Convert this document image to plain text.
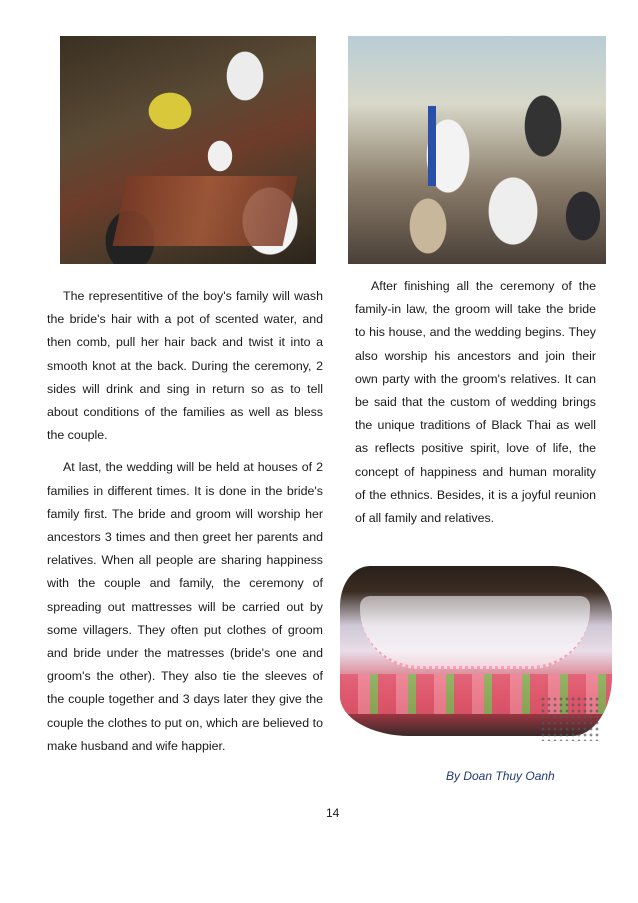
The representitive of the boy's family will wash the bride's hair with a pot of scented water, and then comb, pull her hair back and twist it into a smooth knot at the back. During the ceremony, 2 sides will drink and sing in return so as to tell about conditions of the families as well as bless the couple.

At last, the wedding will be held at houses of 2 families in different times. It is done in the bride's family first. The bride and groom will worship her ancestors 3 times and then greet her parents and relatives. When all people are sharing happiness with the couple and family, the ceremony of spreading out mattresses will be carried out by some villagers. They often put clothes of groom and bride under the matresses (bride's one and groom's the other). They also tie the sleeves of the couple together and 3 days later they give the couple the clothes to put on, which are believed to make husband and wife happier.

After finishing all the ceremony of the family-in law, the groom will take the bride to his house, and the wedding begins. They also worship his ancestors and join their own party with the groom's relatives. It can be said that the custom of wedding brings the unique traditions of Black Thai as well as reflects positive spirit, love of life, the concept of happiness and human morality of the ethnics. Besides, it is a joyful reunion of all family and relatives.

By Doan Thuy Oanh
14
